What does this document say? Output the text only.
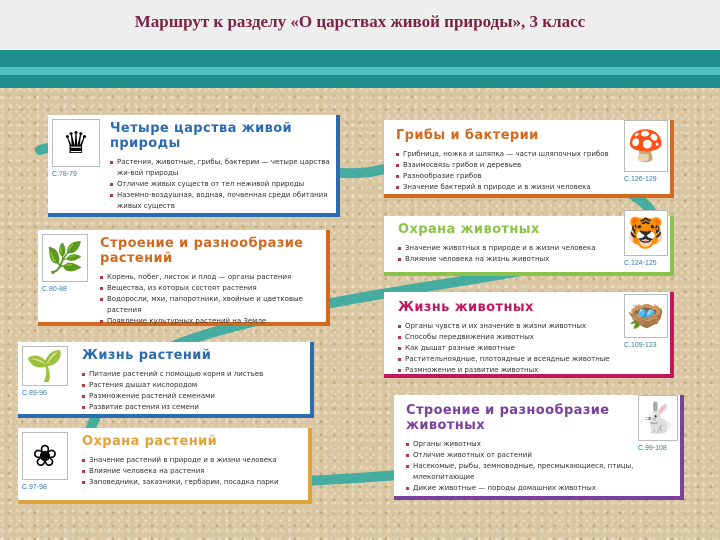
Маршрут к разделу «О царствах живой природы», 3 класс
♛
С.78-79
Четыре царства живой
природы
Растения, животные, грибы, бактерии — четыре царства жи-вой природы
Отличие живых существ от тел неживой природы
Наземно-воздушная, водная, почвенная среди обитания живых существ
🌿
С.80-88
Строение и разнообразие
растений
Корень, побег, листок и плод — органы растения
Вещества, из которых состоят растения
Водоросли, мхи, папоротники, хвойные и цветковые растения
Появление культурных растений на Земле
🌱
С.89-96
Жизнь растений
Питание растений с помощью корня и листьев
Растения дышат кислородом
Размножение растений семенами
Развитие растения из семени
❀
С.97-98
Охрана растений
Значение растений в природе и в жизни человека
Влияние человека на растения
Заповедники, заказники, гербарии, посадка парки
Грибы и бактерии
Грибница, ножка и шляпка — части шляпочных грибов
Взаимосвязь грибов и деревьев
Разнообразие грибов
Значение бактерий в природе и в жизни человека
🍄
С.126-129
Охрана животных
Значение животных в природе и в жизни человека
Влияние человека на жизнь животных
🐯
С.124-125
Жизнь животных
Органы чувств и их значение в жизни животных
Способы передвижения животных
Как дышат разные животные
Растительноядные, плотоядные и всеядные животные
Размножение и развитие животных
🪺
С.109-123
Строение и разнообразие
животных
Органы животных
Отличие животных от растений
Насекомые, рыбы, земноводные, пресмыкающиеся, птицы, млекопитающие
Дикие животные — породы домашних животных
🐇
С.99-108
